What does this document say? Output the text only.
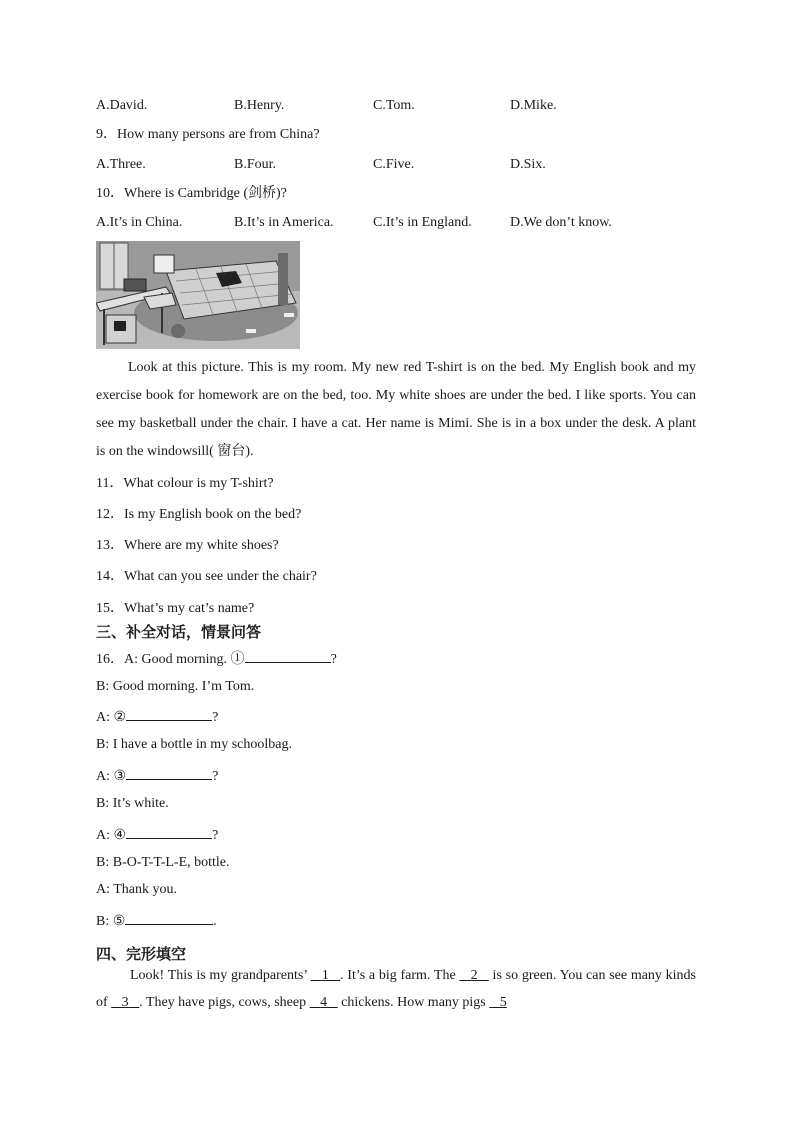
A.David.	B.Henry.	C.Tom.	D.Mike.
9．How many persons are from China?
A.Three.	B.Four.	C.Five.	D.Six.
10．Where is Cambridge (剑桥)?
A.It’s in China.	B.It’s in America.	C.It’s in England.	D.We don’t know.
Look at this picture. This is my room. My new red T-shirt is on the bed. My English book and my exercise book for homework are on the bed, too. My white shoes are under the bed. I like sports. You can see my basketball under the chair. I have a cat. Her name is Mimi. She is in a box under the desk. A plant is on the windowsill( 窗台).
11．What colour is my T-shirt?
12．Is my English book on the bed?
13．Where are my white shoes?
14．What can you see under the chair?
15．What’s my cat’s name?
三、补全对话，情景问答
16．A: Good morning. ①	?
B: Good morning. I’m Tom.
A: ②	?
B: I have a bottle in my schoolbag.
A: ③	?
B: It’s white.
A: ④	?
B: B-O-T-T-L-E, bottle.
A: Thank you.
B: ⑤	.
四、完形填空
Look! This is my grandparents’    1 . It’s a big farm. The    2    is so green. You can see many kinds of    3 . They have pigs, cows, sheep    4    chickens. How many pigs    5
